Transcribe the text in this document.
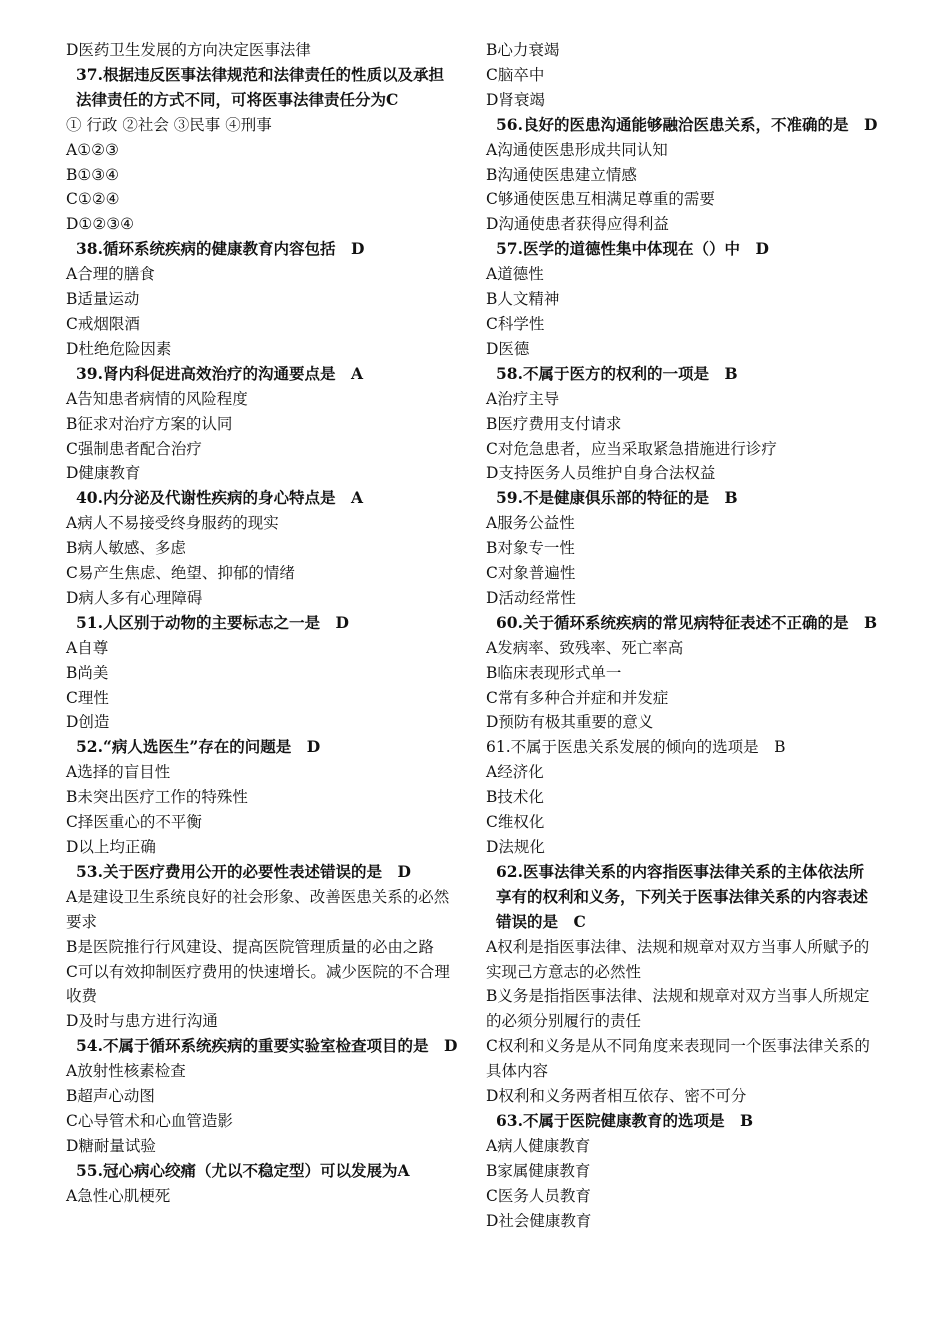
D医药卫生发展的方向决定医事法律
37.根据违反医事法律规范和法律责任的性质以及承担法律责任的方式不同，可将医事法律责任分为C
① 行政 ②社会 ③民事 ④刑事
A①②③
B①③④
C①②④
D①②③④
38.循环系统疾病的健康教育内容包括　D
A合理的膳食
B适量运动
C戒烟限酒
D杜绝危险因素
39.肾内科促进高效治疗的沟通要点是　A
A告知患者病情的风险程度
B征求对治疗方案的认同
C强制患者配合治疗
D健康教育
40.内分泌及代谢性疾病的身心特点是　A
A病人不易接受终身服药的现实
B病人敏感、多虑
C易产生焦虑、绝望、抑郁的情绪
D病人多有心理障碍
51.人区别于动物的主要标志之一是　D
A自尊
B尚美
C理性
D创造
52.“病人选医生”存在的问题是　D
A选择的盲目性
B未突出医疗工作的特殊性
C择医重心的不平衡
D以上均正确
53.关于医疗费用公开的必要性表述错误的是　D
A是建设卫生系统良好的社会形象、改善医患关系的必然要求
B是医院推行行风建设、提高医院管理质量的必由之路
C可以有效抑制医疗费用的快速增长。减少医院的不合理收费
D及时与患方进行沟通
54.不属于循环系统疾病的重要实验室检查项目的是　D
A放射性核素检查
B超声心动图
C心导管术和心血管造影
D糖耐量试验
55.冠心病心绞痛（尤以不稳定型）可以发展为A
A急性心肌梗死
B心力衰竭
C脑卒中
D肾衰竭
56.良好的医患沟通能够融洽医患关系，不准确的是　D
A沟通使医患形成共同认知
B沟通使医患建立情感
C够通使医患互相满足尊重的需要
D沟通使患者获得应得利益
57.医学的道德性集中体现在（）中　D
A道德性
B人文精神
C科学性
D医德
58.不属于医方的权利的一项是　B
A治疗主导
B医疗费用支付请求
C对危急患者，应当采取紧急措施进行诊疗
D支持医务人员维护自身合法权益
59.不是健康俱乐部的特征的是　B
A服务公益性
B对象专一性
C对象普遍性
D活动经常性
60.关于循环系统疾病的常见病特征表述不正确的是　B
A发病率、致残率、死亡率高
B临床表现形式单一
C常有多种合并症和并发症
D预防有极其重要的意义
61.不属于医患关系发展的倾向的选项是　B
A经济化
B技术化
C维权化
D法规化
62.医事法律关系的内容指医事法律关系的主体依法所享有的权利和义务，下列关于医事法律关系的内容表述错误的是　C
A权利是指医事法律、法规和规章对双方当事人所赋予的实现己方意志的必然性
B义务是指指医事法律、法规和规章对双方当事人所规定的必须分别履行的责任
C权利和义务是从不同角度来表现同一个医事法律关系的具体内容
D权利和义务两者相互依存、密不可分
63.不属于医院健康教育的选项是　B
A病人健康教育
B家属健康教育
C医务人员教育
D社会健康教育
